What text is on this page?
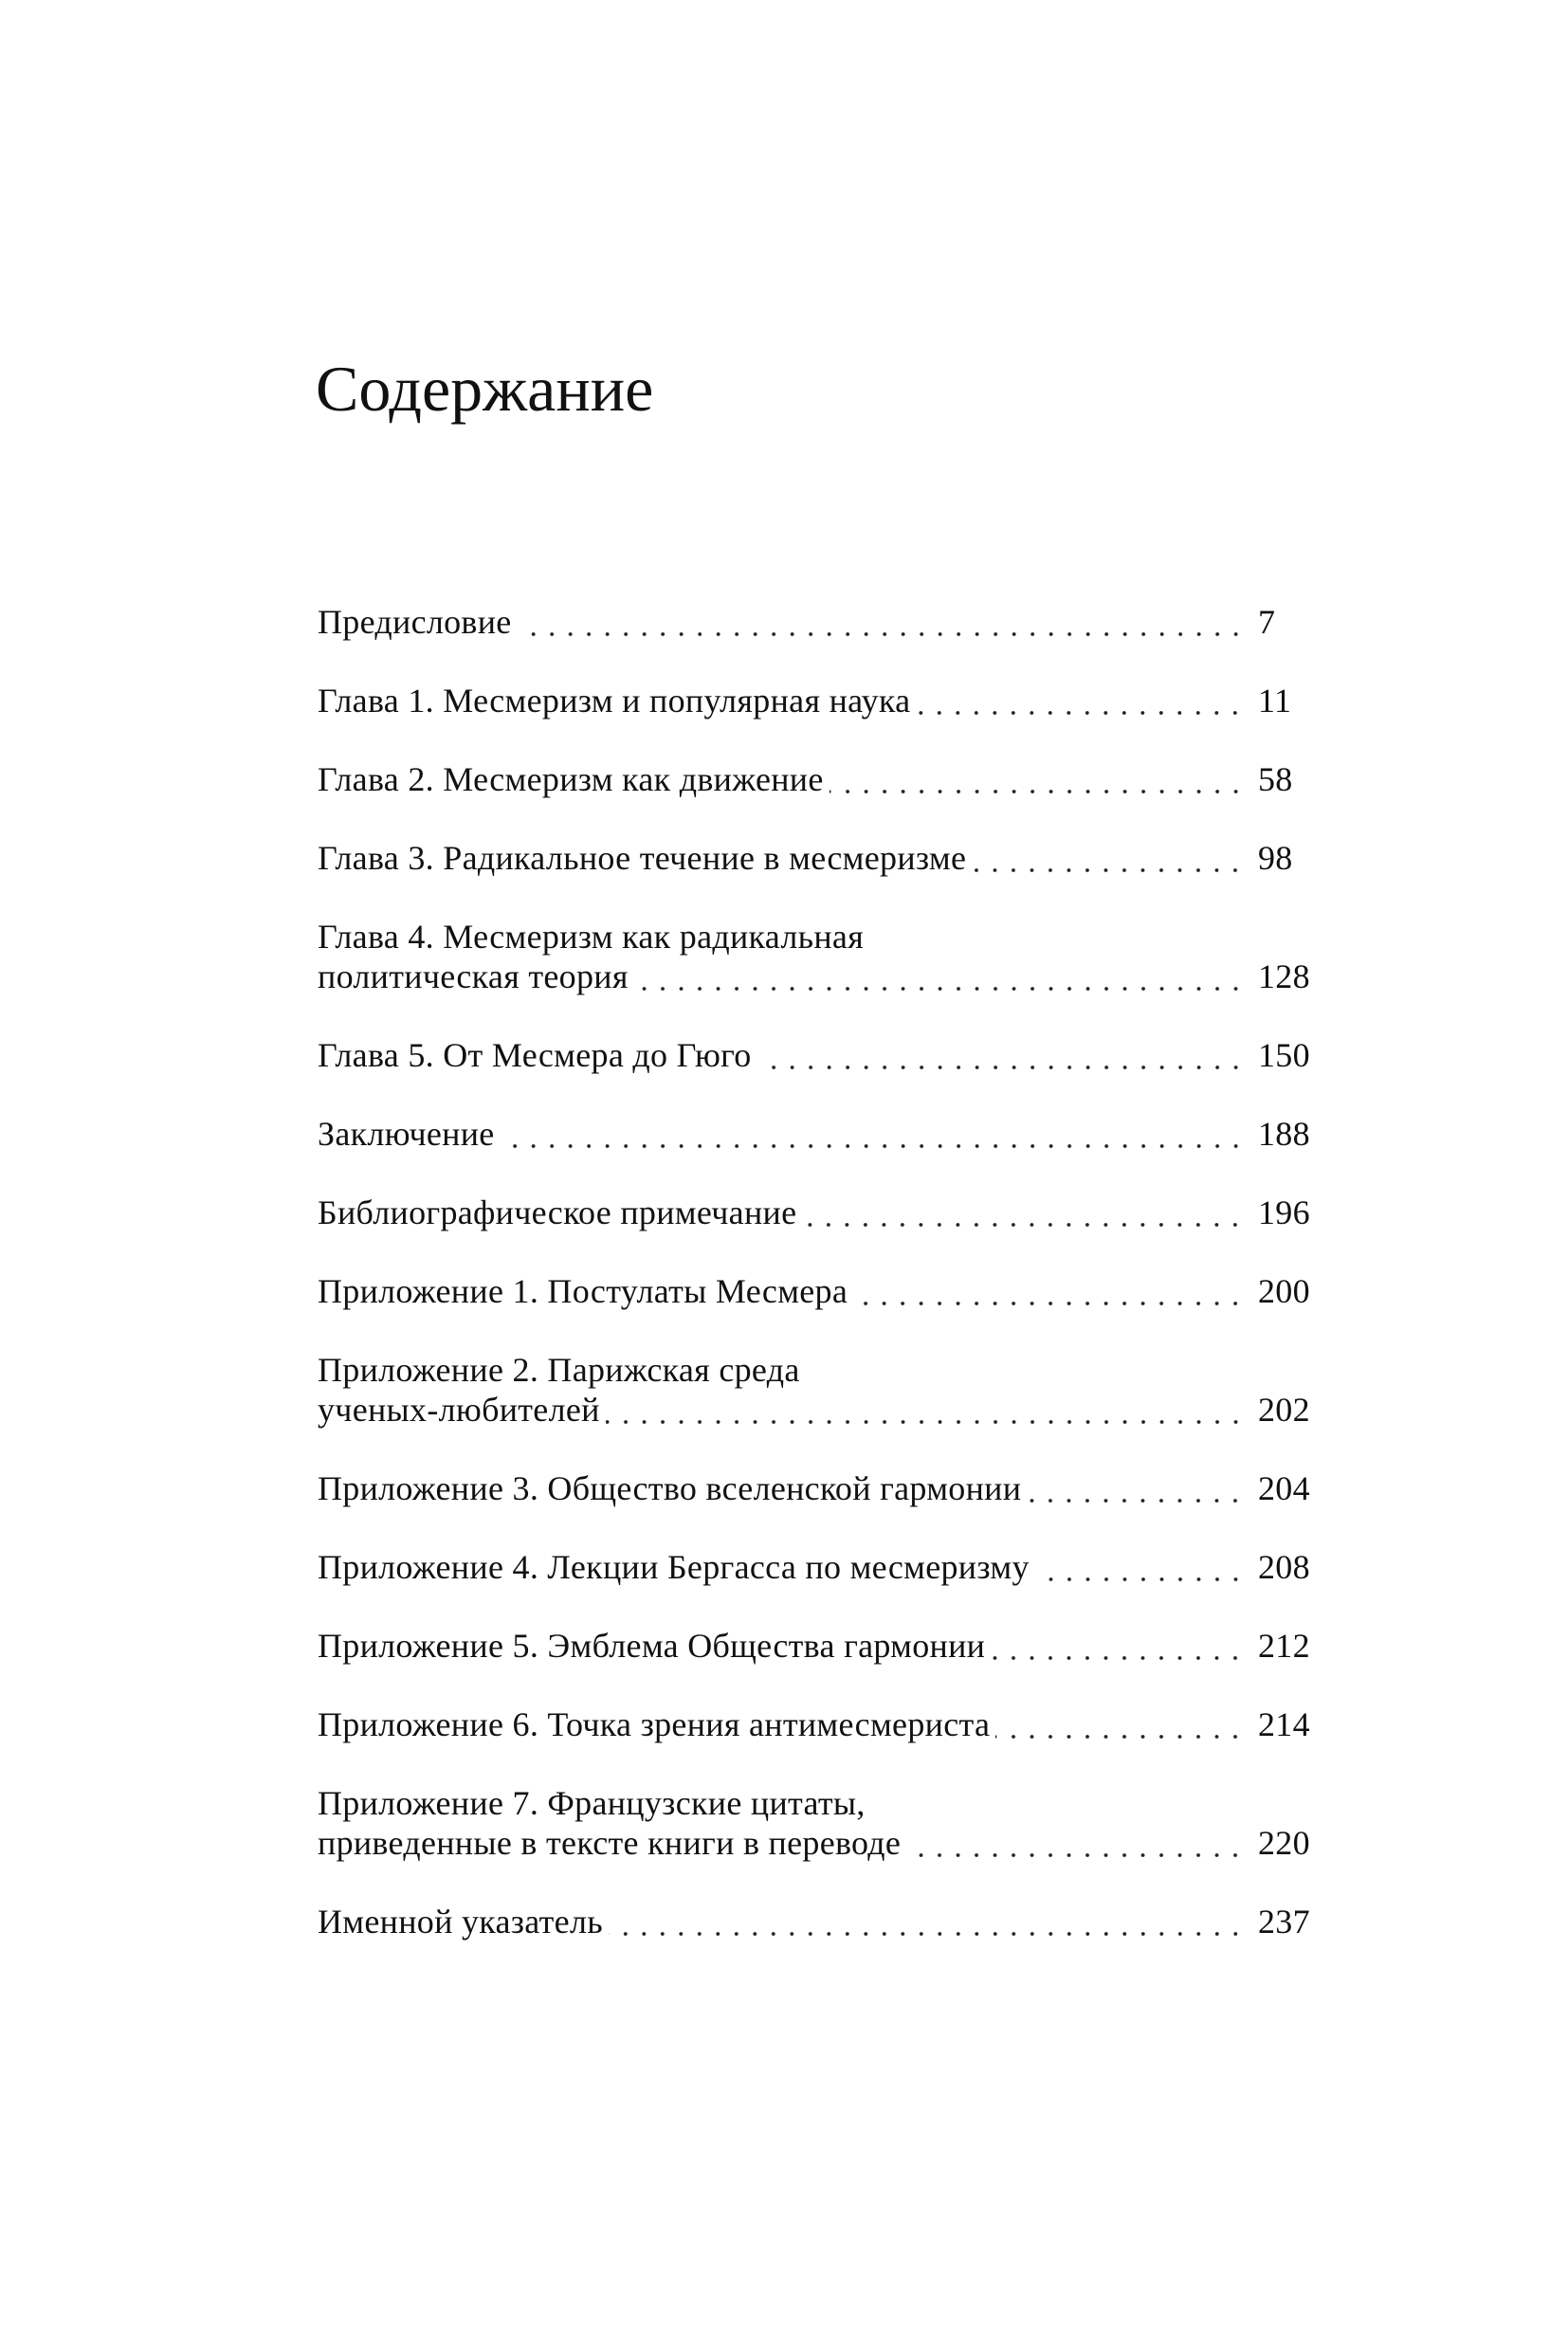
Содержание
Предисловие	7
Глава 1. Месмеризм и популярная наука	11
Глава 2. Месмеризм как движение	58
Глава 3. Радикальное течение в месмеризме	98
Глава 4. Месмеризм как радикальная
политическая теория	128
Глава 5. От Месмера до Гюго	150
Заключение	188
Библиографическое примечание	196
Приложение 1. Постулаты Месмера	200
Приложение 2. Парижская среда
ученых-любителей	202
Приложение 3. Общество вселенской гармонии	204
Приложение 4. Лекции Бергасса по месмеризму	208
Приложение 5. Эмблема Общества гармонии	212
Приложение 6. Точка зрения антимесмериста	214
Приложение 7. Французские цитаты,
приведенные в тексте книги в переводе	220
Именной указатель	237
